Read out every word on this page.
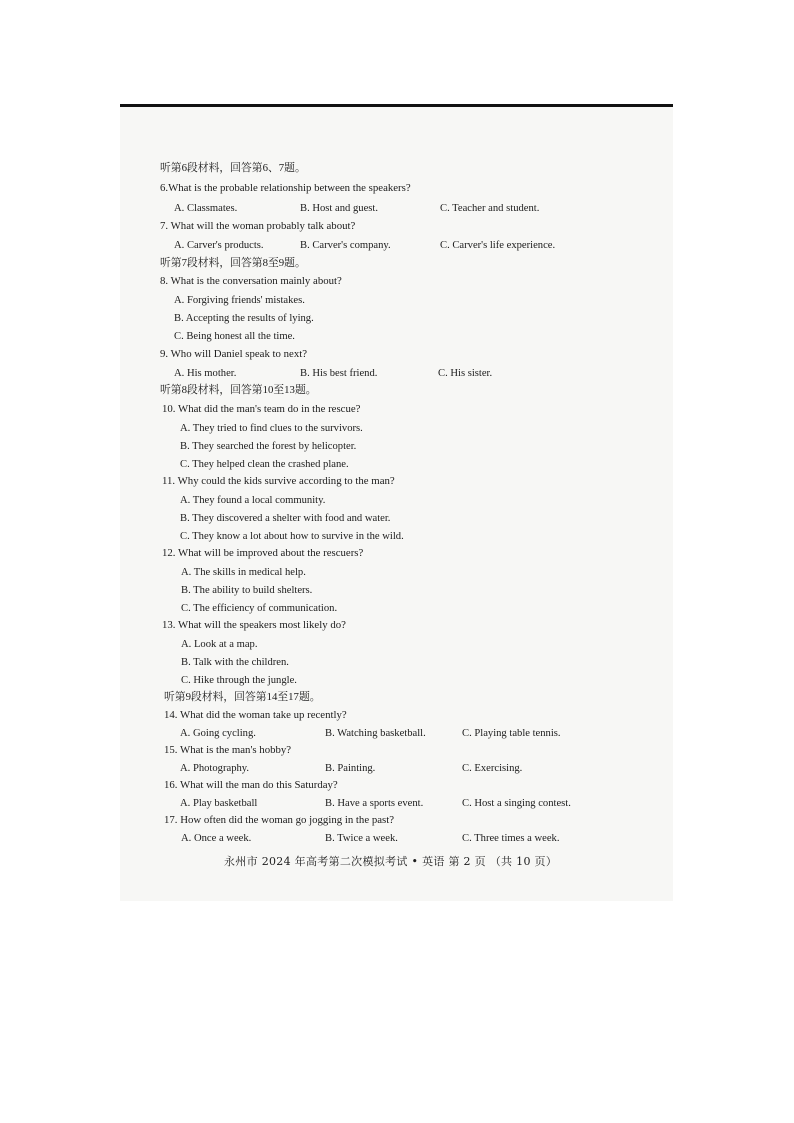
听第6段材料，回答第6、7题。
6.What is the probable relationship between the speakers?
A. Classmates.	B. Host and guest.	C. Teacher and student.
7. What will the woman probably talk about?
A. Carver's products.	B. Carver's company.	C. Carver's life experience.
听第7段材料，回答第8至9题。
8. What is the conversation mainly about?
A. Forgiving friends' mistakes.
B. Accepting the results of lying.
C. Being honest all the time.
9. Who will Daniel speak to next?
A. His mother.	B. His best friend.	C. His sister.
听第8段材料，回答第10至13题。
10. What did the man's team do in the rescue?
A. They tried to find clues to the survivors.
B. They searched the forest by helicopter.
C. They helped clean the crashed plane.
11. Why could the kids survive according to the man?
A. They found a local community.
B. They discovered a shelter with food and water.
C. They know a lot about how to survive in the wild.
12. What will be improved about the rescuers?
A. The skills in medical help.
B. The ability to build shelters.
C. The efficiency of communication.
13. What will the speakers most likely do?
A. Look at a map.
B. Talk with the children.
C. Hike through the jungle.
听第9段材料，回答第14至17题。
14. What did the woman take up recently?
A. Going cycling.	B. Watching basketball.	C. Playing table tennis.
15. What is the man's hobby?
A. Photography.	B. Painting.	C. Exercising.
16. What will the man do this Saturday?
A. Play basketball	B. Have a sports event.	C. Host a singing contest.
17. How often did the woman go jogging in the past?
A. Once a week.	B. Twice a week.	C. Three times a week.
永州市 2024 年高考第二次模拟考试 • 英语 第 2 页 （共 10 页）
